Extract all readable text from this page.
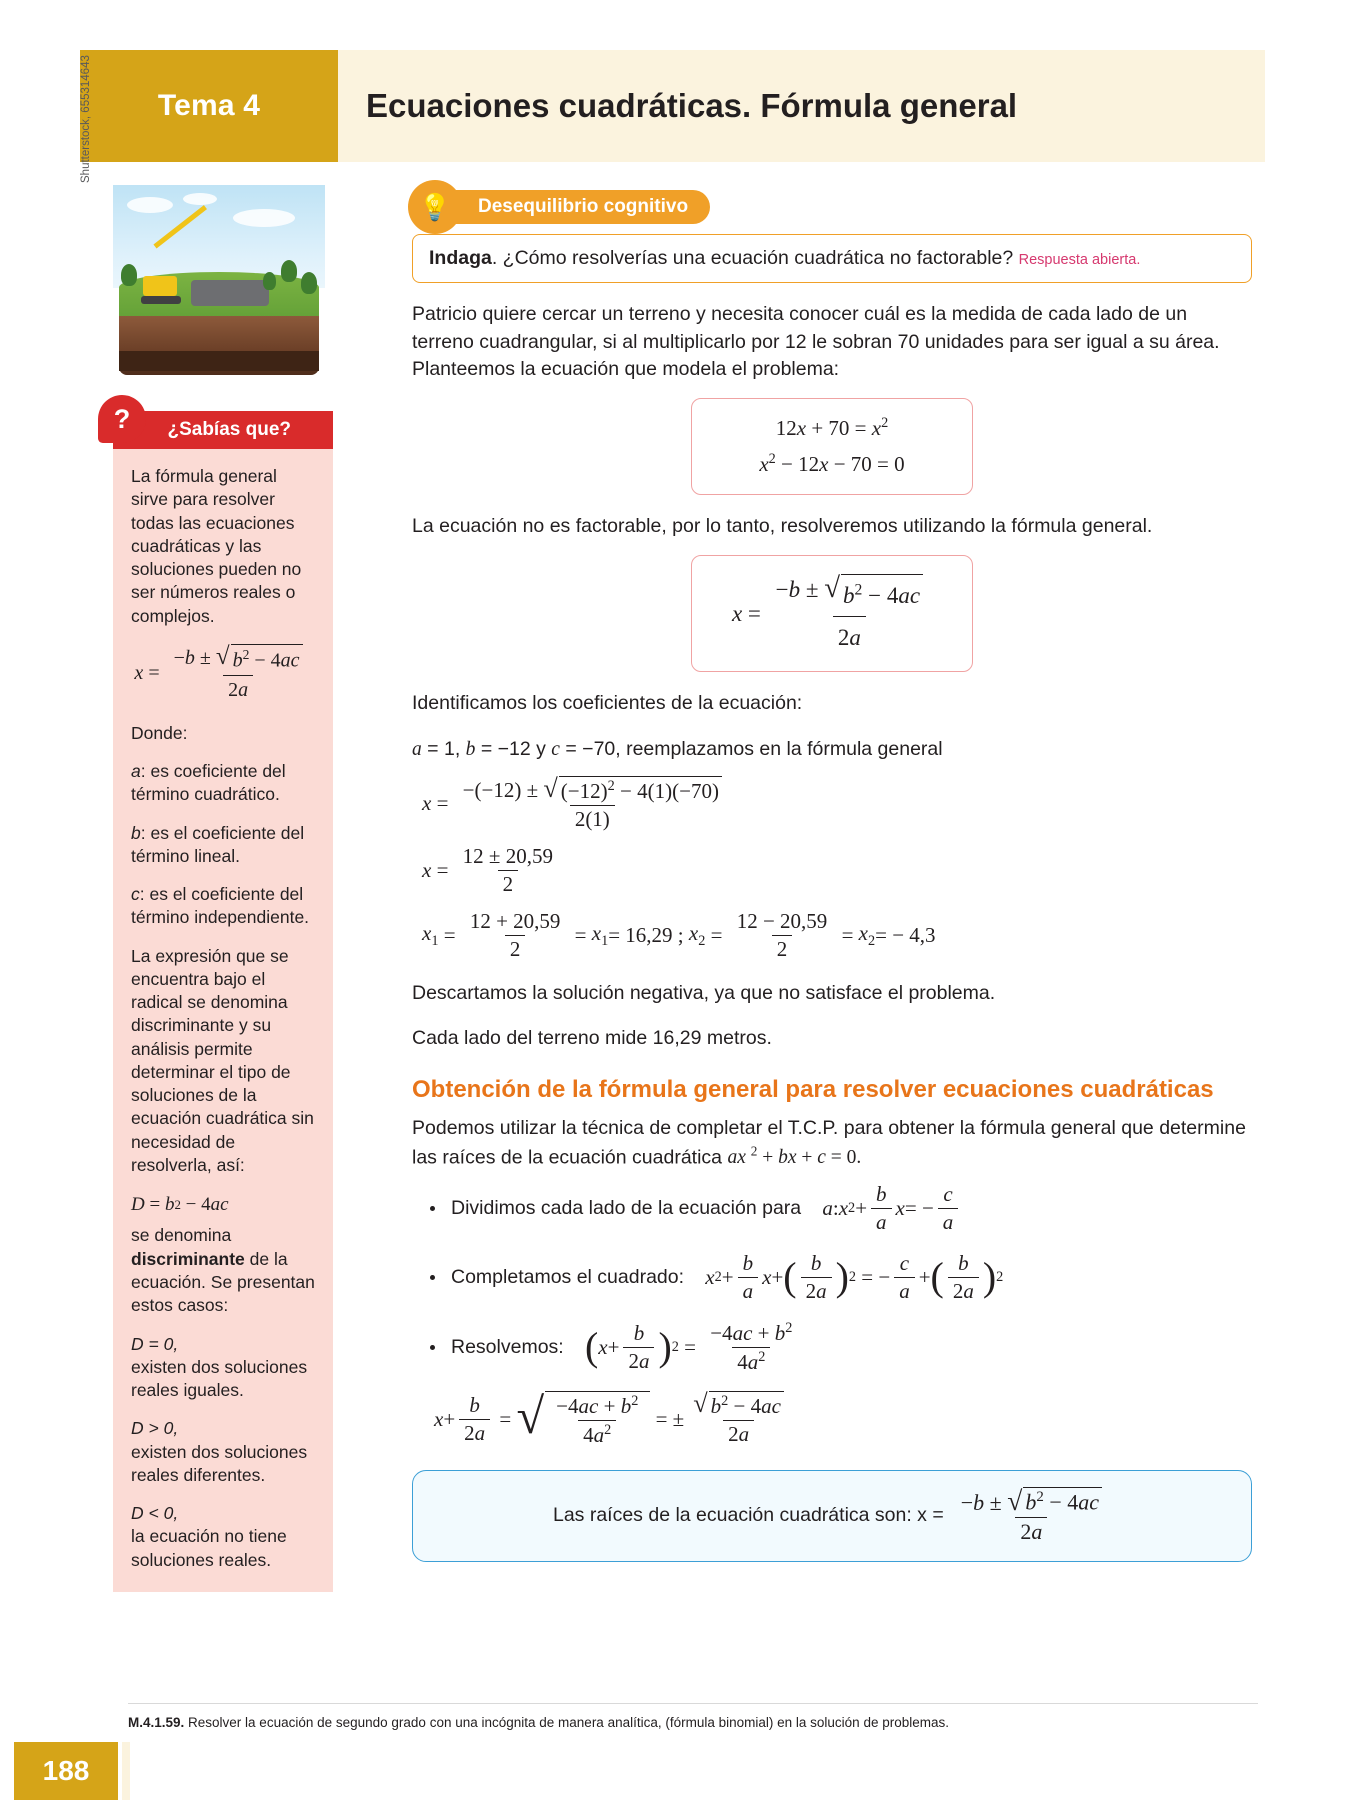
Tema 4	Ecuaciones cuadráticas. Fórmula general
Shutterstock, 655314643
¿Sabías que?
?

La fórmula general sirve para resolver todas las ecuaciones cuadráticas y las soluciones pueden no ser números reales o complejos.

$x = \frac{-b \pm √ b^2 - 4ac}{2a}$

Donde:

a: es coeficiente del término cuadrático.

b: es el coeficiente del término lineal.

c: es el coeficiente del término independiente.

La expresión que se encuentra bajo el radical se denomina discriminante y su análisis permite determinar el tipo de soluciones de la ecuación cuadrática sin necesidad de resolverla, así:

D = b 2 − 4 ac

se denomina discriminante de la ecuación. Se presentan estos casos:

D = 0,
existen dos soluciones reales iguales.

D > 0,
existen dos soluciones reales diferentes.

D < 0,
la ecuación no tiene soluciones reales.

💡	Desequilibrio cognitivo
Indaga. ¿Cómo resolverías una ecuación cuadrática no factorable? Respuesta abierta.

Patricio quiere cercar un terreno y necesita conocer cuál es la medida de cada lado de un terreno cuadrangular, si al multiplicarlo por 12 le sobran 70 unidades para ser igual a su área. Planteemos la ecuación que modela el problema:

$12x + 70 = x^2$
$x^2 - 12x - 70 = 0$

La ecuación no es factorable, por lo tanto, resolveremos utilizando la fórmula general.

$x = \frac{-b \pm √ b^2 - 4ac}{2a}$

Identificamos los coeficientes de la ecuación:

a = 1, b = −12 y c = −70, reemplazamos en la fórmula general

$x = \frac{-(-12) \pm √ (-12)^2 - 4(1)(-70)}{2(1)}$
$x = \frac{12 \pm 20,59}{2}$
$x_1 = \frac{12 + 20,59}{2} = x_1 = 16,29$ ; $x_2 = \frac{12 - 20,59}{2} = x_2$ = − 4,3

Descartamos la solución negativa, ya que no satisface el problema.

Cada lado del terreno mide 16,29 metros.

Obtención de la fórmula general para resolver ecuaciones cuadráticas

Podemos utilizar la técnica de completar el T.C.P. para obtener la fórmula general que determine las raíces de la ecuación cuadrática ax $^2$ + bx + c = 0.

Dividimos cada lado de la ecuación para
a : x $2 + \frac{b}{a}$ x = − $\frac{c}{a}$
Completamos el cuadrado:
x $2 + \frac{b}{a}$ x + ( $\frac{b}{2a}$ ) 2 = − $\frac{c}{a}$ + ( $\frac{b}{2a}$ ) 2
Resolvemos:
( $x + \frac{b}{2a}$ ) $2 = \frac{-4ac + b^2}{4a^2}$
$x + \frac{b}{2a}$ = √ $\frac{-4ac + b^2}{4a^2}$ = ± $\frac{√ b^2 - 4ac}{2a}$
Las raíces de la ecuación cuadrática son: $x = \frac{-b \pm √ b^2 - 4ac}{2a}$
M.4.1.59. Resolver la ecuación de segundo grado con una incógnita de manera analítica, (fórmula binomial) en la solución de problemas.
188
